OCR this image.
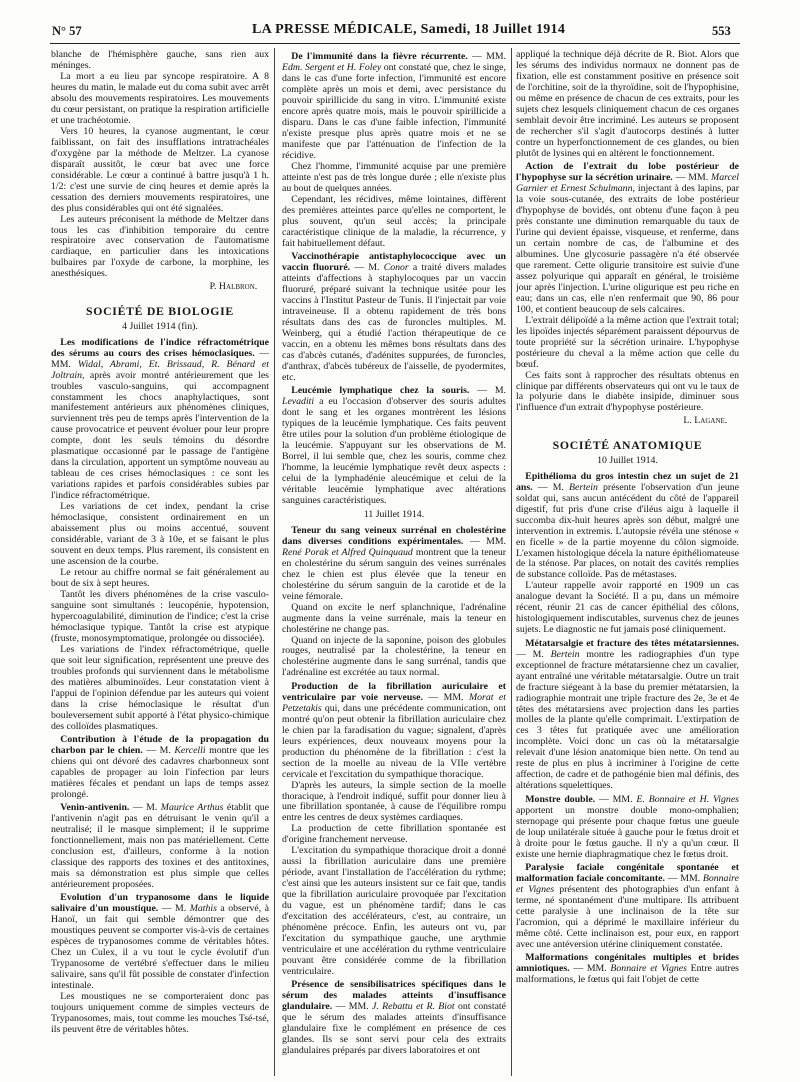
N° 57	LA PRESSE MÉDICALE, Samedi, 18 Juillet 1914	553

blanche de l'hémisphère gauche, sans rien aux méninges.

La mort a eu lieu par syncope respiratoire. A 8 heures du matin, le malade eut du coma subit avec arrêt absolu des mouvements respiratoires. Les mouvements du cœur persistant, on pratique la respiration artificielle et une trachéotomie.

Vers 10 heures, la cyanose augmentant, le cœur faiblissant, on fait des insufflations intratrachéales d'oxygène par la méthode de Meltzer. La cyanose disparaît aussitôt, le cœur bat avec une force considérable. Le cœur a continué à battre jusqu'à 1 h. 1/2: c'est une survie de cinq heures et demie après la cessation des derniers mouvements respiratoires, une des plus considérables qui ont été signalées.

Les auteurs préconisent la méthode de Meltzer dans tous les cas d'inhibition temporaire du centre respiratoire avec conservation de l'automatisme cardiaque, en particulier dans les intoxications bulbaires par l'oxyde de carbone, la morphine, les anesthésiques.

P. Halbron.

SOCIÉTÉ DE BIOLOGIE

4 Juillet 1914 (fin).

Les modifications de l'indice réfractométrique des sérums au cours des crises hémoclasiques. — MM. Widal, Abrami, Et. Brissaud, R. Bénard et Joltrain, après avoir montré antérieurement que les troubles vasculo-sanguins, qui accompagnent constamment les chocs anaphylactiques, sont manifestement antérieurs aux phénomènes cliniques, surviennent très peu de temps après l'intervention de la cause provocatrice et peuvent évoluer pour leur propre compte, dont les seuls témoins du désordre plasmatique occasionné par le passage de l'antigène dans la circulation, apportent un symptôme nouveau au tableau de ces crises hémoclasiques : ce sont les variations rapides et parfois considérables subies par l'indice réfractométrique.

Les variations de cet index, pendant la crise hémoclasique, consistent ordinairement en un abaissement plus ou moins accentué, souvent considérable, variant de 3 à 10e, et se faisant le plus souvent en deux temps. Plus rarement, ils consistent en une ascension de la courbe.

Le retour au chiffre normal se fait généralement au bout de six à sept heures.

Tantôt les divers phénomènes de la crise vasculo-sanguine sont simultanés : leucopénie, hypotension, hypercoagulabilité, diminution de l'indice; c'est la crise hémoclasique typique. Tantôt la crise est atypique (fruste, monosymptomatique, prolongée ou dissociée).

Les variations de l'index réfractométrique, quelle que soit leur signification, représentent une preuve des troubles profonds qui surviennent dans le métabolisme des matières albuminoïdes. Leur constatation vient à l'appui de l'opinion défendue par les auteurs qui voient dans la crise hémoclasique le résultat d'un bouleversement subit apporté à l'état physico-chimique des colloïdes plasmatiques.

Contribution à l'étude de la propagation du charbon par le chien. — M. Kercelli montre que les chiens qui ont dévoré des cadavres charbonneux sont capables de propager au loin l'infection par leurs matières fécales et pendant un laps de temps assez prolongé.

Venin-antivenin. — M. Maurice Arthus établit que l'antivenin n'agit pas en détruisant le venin qu'il a neutralisé; il le masque simplement; il le supprime fonctionnellement, mais non pas matériellement. Cette conclusion est, d'ailleurs, conforme à la notion classique des rapports des toxines et des antitoxines, mais sa démonstration est plus simple que celles antérieurement proposées.

Evolution d'un trypanosome dans le liquide salivaire d'un moustique. — M. Mathis a observé, à Hanoï, un fait qui semble démontrer que des moustiques peuvent se comporter vis-à-vis de certaines espèces de trypanosomes comme de véritables hôtes. Chez un Culex, il a vu tout le cycle évolutif d'un Trypanosome de vertébré s'effectuer dans le milieu salivaire, sans qu'il fût possible de constater d'infection intestinale.

Les moustiques ne se comporteraient donc pas toujours uniquement comme de simples vecteurs de Trypanosomes, mais, tout comme les mouches Tsé-tsé, ils peuvent être de véritables hôtes.

De l'immunité dans la fièvre récurrente. — MM. Edm. Sergent et H. Foley ont constaté que, chez le singe, dans le cas d'une forte infection, l'immunité est encore complète après un mois et demi, avec persistance du pouvoir spirillicide du sang in vitro. L'immunité existe encore après quatre mois, mais le pouvoir spirillicide a disparu. Dans le cas d'une faible infection, l'immunité n'existe presque plus après quatre mois et ne se manifeste que par l'atténuation de l'infection de la récidive.

Chez l'homme, l'immunité acquise par une première atteinte n'est pas de très longue durée ; elle n'existe plus au bout de quelques années.

Cependant, les récidives, même lointaines, diffèrent des premières atteintes parce qu'elles ne comportent, le plus souvent, qu'un seul accès; la principale caractéristique clinique de la maladie, la récurrence, y fait habituellement défaut.

Vaccinothérapie antistaphylococcique avec un vaccin fluoruré. — M. Conor a traité divers malades atteints d'affections à staphylocoques par un vaccin fluoruré, préparé suivant la technique usitée pour les vaccins à l'Institut Pasteur de Tunis. Il l'injectait par voie intraveineuse. Il a obtenu rapidement de très bons résultats dans des cas de furoncles multiples. M. Weinberg, qui a étudié l'action thérapeutique de ce vaccin, en a obtenu les mêmes bons résultats dans des cas d'abcès cutanés, d'adénites suppurées, de furoncles, d'anthrax, d'abcès tubéreux de l'aisselle, de pyodermites, etc.

Leucémie lymphatique chez la souris. — M. Levaditi a eu l'occasion d'observer des souris adultes dont le sang et les organes montrèrent les lésions typiques de la leucémie lymphatique. Ces faits peuvent être utiles pour la solution d'un problème étiologique de la leucémie. S'appuyant sur les observations de M. Borrel, il lui semble que, chez les souris, comme chez l'homme, la leucémie lymphatique revêt deux aspects : celui de la lymphadénie aleucémique et celui de la véritable leucémie lymphatique avec altérations sanguines caractéristiques.

11 Juillet 1914.

Teneur du sang veineux surrénal en cholestérine dans diverses conditions expérimentales. — MM. René Porak et Alfred Quinquaud montrent que la teneur en cholestérine du sérum sanguin des veines surrénales chez le chien est plus élevée que la teneur en cholestérine du sérum sanguin de la carotide et de la veine fémorale.

Quand on excite le nerf splanchnique, l'adrénaline augmente dans la veine surrénale, mais la teneur en cholestérine ne change pas.

Quand on injecte de la saponine, poison des globules rouges, neutralisé par la cholestérine, la teneur en cholestérine augmente dans le sang surrénal, tandis que l'adrénaline est excrétée au taux normal.

Production de la fibrillation auriculaire et ventriculaire par voie nerveuse. — MM. Morat et Petzetakis qui, dans une précédente communication, ont montré qu'on peut obtenir la fibrillation auriculaire chez le chien par la faradisation du vague; signalent, d'après leurs expériences, deux nouveaux moyens pour la production du phénomène de la fibrillation : c'est la section de la moelle au niveau de la VIIe vertèbre cervicale et l'excitation du sympathique thoracique.

D'après les auteurs, la simple section de la moelle thoracique, à l'endroit indiqué, suffit pour donner lieu à une fibrillation spontanée, à cause de l'équilibre rompu entre les centres de deux systèmes cardiaques.

La production de cette fibrillation spontanée est d'origine franchement nerveuse.

L'excitation du sympathique thoracique droit a donné aussi la fibrillation auriculaire dans une première période, avant l'installation de l'accélération du rythme; c'est ainsi que les auteurs insistent sur ce fait que, tandis que la fibrillation auriculaire provoquée par l'excitation du vague, est un phénomène tardif; dans le cas d'excitation des accélérateurs, c'est, au contraire, un phénomène précoce. Enfin, les auteurs ont vu, par l'excitation du sympathique gauche, une arythmie ventriculaire et une accélération du rythme ventriculaire pouvant être considérée comme de la fibrillation ventriculaire.

Présence de sensibilisatrices spécifiques dans le sérum des malades atteints d'insuffisance glandulaire. — MM. J. Rebattu et R. Biot ont constaté que le sérum des malades atteints d'insuffisance glandulaire fixe le complément en présence de ces glandes. Ils se sont servi pour cela des extraits glandulaires préparés par divers laboratoires et ont

appliqué la technique déjà décrite de R. Biot. Alors que les sérums des individus normaux ne donnent pas de fixation, elle est constamment positive en présence soit de l'orchitine, soit de la thyroïdine, soit de l'hypophisine, ou même en présence de chacun de ces extraits, pour les sujets chez lesquels cliniquement chacun de ces organes semblait devoir être incriminé. Les auteurs se proposent de rechercher s'il s'agit d'autocorps destinés à lutter contre un hyperfonctionnement de ces glandes, ou bien plutôt de lysines qui en altèrent le fonctionnement.

Action de l'extrait du lobe postérieur de l'hypophyse sur la sécrétion urinaire. — MM. Marcel Garnier et Ernest Schulmann, injectant à des lapins, par la voie sous-cutanée, des extraits de lobe postérieur d'hypophyse de bovidés, ont obtenu d'une façon à peu près constante une diminution remarquable du taux de l'urine qui devient épaisse, visqueuse, et renferme, dans un certain nombre de cas, de l'albumine et des albumines. Une glycosurie passagère n'a été observée que rarement. Cette oligurie transitoire est suivie d'une assez polyurique qui apparaît en général, le troisième jour après l'injection. L'urine oligurique est peu riche en eau; dans un cas, elle n'en renfermait que 90, 86 pour 100, et contient beaucoup de sels calcaires.

L'extrait délipoïdé a la même action que l'extrait total; les lipoïdes injectés séparément paraissent dépourvus de toute propriété sur la sécrétion urinaire. L'hypophyse postérieure du cheval a la même action que celle du bœuf.

Ces faits sont à rapprocher des résultats obtenus en clinique par différents observateurs qui ont vu le taux de la polyurie dans le diabète insipide, diminuer sous l'influence d'un extrait d'hypophyse postérieure.

L. Lagane.

SOCIÉTÉ ANATOMIQUE

10 Juillet 1914.

Epithélioma du gros intestin chez un sujet de 21 ans. — M. Bertein présente l'observation d'un jeune soldat qui, sans aucun antécédent du côté de l'appareil digestif, fut pris d'une crise d'iléus aigu à laquelle il succomba dix-huit heures après son début, malgré une intervention in extremis. L'autopsie révéla une sténose « en ficelle » de la partie moyenne du côlon sigmoïde. L'examen histologique décela la nature épithéliomateuse de la sténose. Par places, on notait des cavités remplies de substance colloïde. Pas de métastases.

L'auteur rappelle avoir rapporté en 1909 un cas analogue devant la Société. Il a pu, dans un mémoire récent, réunir 21 cas de cancer épithélial des côlons, histologiquement indiscutables, survenus chez de jeunes sujets. Le diagnostic ne fut jamais posé cliniquement.

Métatarsalgie et fracture des têtes métatarsiennes. — M. Bertein montre les radiographies d'un type exceptionnel de fracture métatarsienne chez un cavalier, ayant entraîné une véritable métatarsalgie. Outre un trait de fracture siégeant à la base du premier métatarsien, la radiographie montrait une triple fracture des 2e, 3e et 4e têtes des métatarsiens avec projection dans les parties molles de la plante qu'elle comprimait. L'extirpation de ces 3 têtes fut pratiquée avec une amélioration incomplète. Voici donc un cas où la métatarsalgie relevait d'une lésion anatomique bien nette. On tend au reste de plus en plus à incriminer à l'origine de cette affection, de cadre et de pathogénie bien mal définis, des altérations squelettiques.

Monstre double. — MM. E. Bonnaire et H. Vignes apportent un monstre double mono-omphalien; sternopage qui présente pour chaque fœtus une gueule de loup unilatérale située à gauche pour le fœtus droit et à droite pour le fœtus gauche. Il n'y a qu'un cœur. Il existe une hernie diaphragmatique chez le fœtus droit.

Paralysie faciale congénitale spontanée et malformation faciale concomitante. — MM. Bonnaire et Vignes présentent des photographies d'un enfant à terme, né spontanément d'une multipare. Ils attribuent cette paralysie à une inclinaison de la tête sur l'acromion, qui a déprimé le maxillaire inférieur du même côté. Cette inclinaison est, pour eux, en rapport avec une antéversion utérine cliniquement constatée.

Malformations congénitales multiples et brides amniotiques. — MM. Bonnaire et Vignes Entre autres malformations, le fœtus qui fait l'objet de cette
